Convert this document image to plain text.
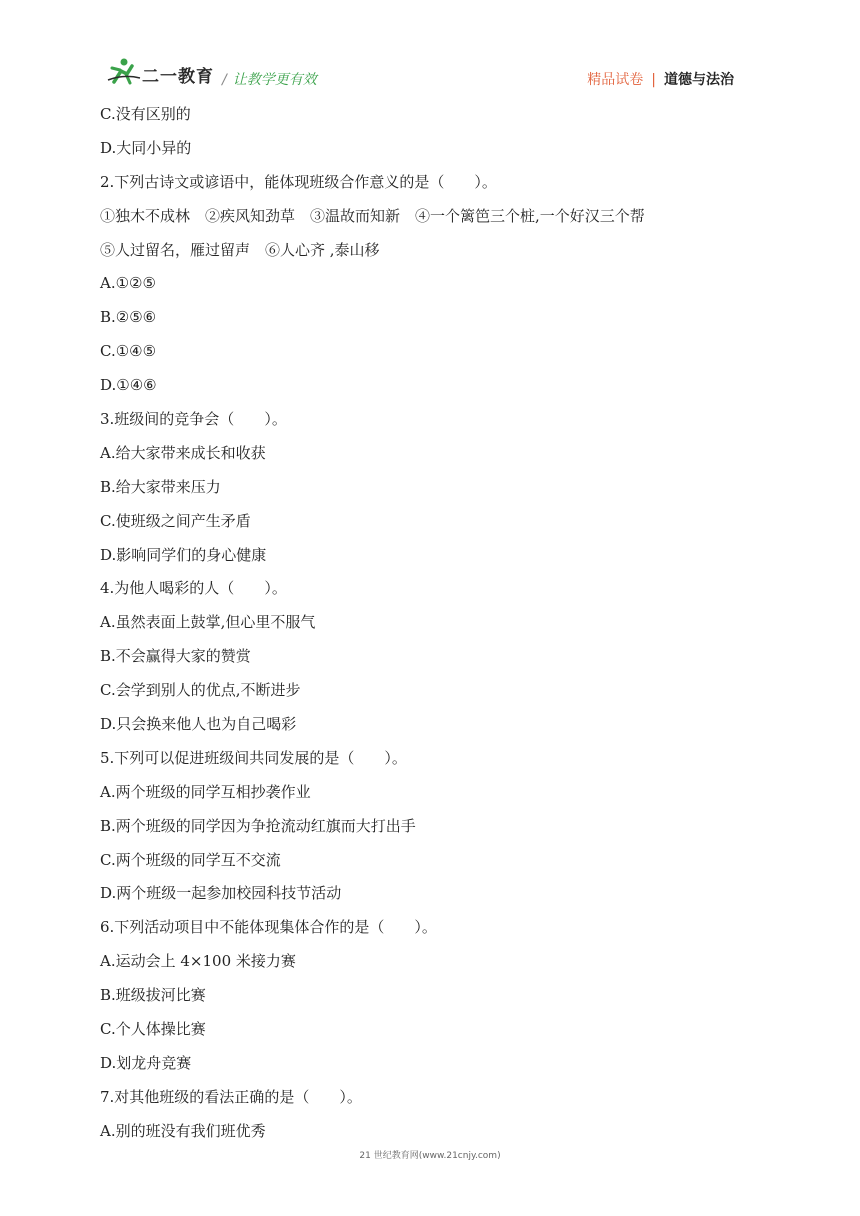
二一教育 / 让教学更有效	精品试卷 | 道德与法治
C.没有区别的
D.大同小异的
2.下列古诗文或谚语中，能体现班级合作意义的是（　　）。
①独木不成林　②疾风知劲草　③温故而知新　④一个篱笆三个桩,一个好汉三个帮
⑤人过留名，雁过留声　⑥人心齐 ,泰山移
A.①②⑤
B.②⑤⑥
C.①④⑤
D.①④⑥
3.班级间的竞争会（　　）。
A.给大家带来成长和收获
B.给大家带来压力
C.使班级之间产生矛盾
D.影响同学们的身心健康
4.为他人喝彩的人（　　）。
A.虽然表面上鼓掌,但心里不服气
B.不会赢得大家的赞赏
C.会学到别人的优点,不断进步
D.只会换来他人也为自己喝彩
5.下列可以促进班级间共同发展的是（　　）。
A.两个班级的同学互相抄袭作业
B.两个班级的同学因为争抢流动红旗而大打出手
C.两个班级的同学互不交流
D.两个班级一起参加校园科技节活动
6.下列活动项目中不能体现集体合作的是（　　）。
A.运动会上 4×100 米接力赛
B.班级拔河比赛
C.个人体操比赛
D.划龙舟竞赛
7.对其他班级的看法正确的是（　　）。
A.别的班没有我们班优秀
21 世纪教育网(www.21cnjy.com)
